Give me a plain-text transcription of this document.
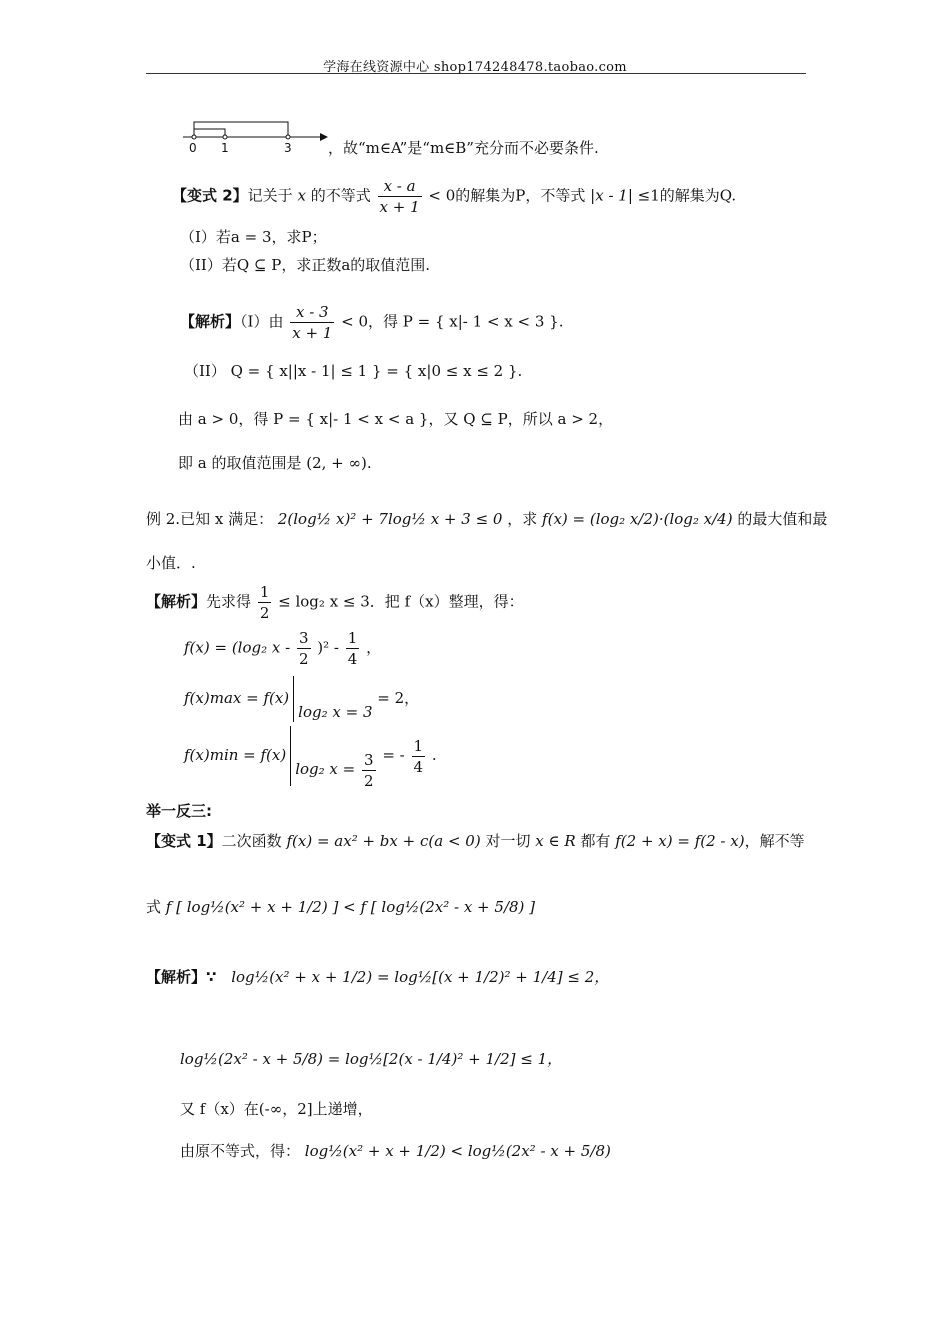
学海在线资源中心 shop174248478.taobao.com
0 1	3 ，故“m∈A”是“m∈B”充分而不必要条件.
【变式 2】记关于 x 的不等式 $\frac{x - a}{x + 1} < 0$的解集为P，不等式 |x - 1| ≤1的解集为Q.
（I）若a = 3，求P；
（II）若Q ⊆ P，求正数a的取值范围.
【解析】（I）由 $\frac{x - 3}{x + 1} < 0$，得 P = { x|- 1 < x < 3 }.
（II） Q = { x||x - 1| ≤ 1 } = { x|0 ≤ x ≤ 2 }.
由 a > 0，得 P = { x|- 1 < x < a }，又 Q ⊆ P，所以 a > 2，
即 a 的取值范围是 (2, + ∞).
例 2.已知 x 满足： 2(log½ x)² + 7log½ x + 3 ≤ 0 ，求 f(x) = (log₂ x/2)·(log₂ x/4) 的最大值和最
小值．.
【解析】先求得 $\frac{1}{2} \le \log_2$ x ≤ 3．把 f（x）整理，得：
f(x) = (log₂ x - $\frac{3}{2} )^2 - \frac{1}{4}$ ，
f(x)max = f(x)log₂ x = 3 = 2，
f(x)min = f(x)log₂ $x = \frac{3}{2}$ = - $\frac{1}{4}$ .
举一反三:
【变式 1】二次函数 f(x) = ax² + bx + c(a < 0) 对一切 x ∈ R 都有 f(2 + x) = f(2 - x)，解不等
式 f [ log½(x² + x + 1/2) ] < f [ log½(2x² - x + 5/8) ]
【解析】∵ log½(x² + x + 1/2) = log½[(x + 1/2)² + 1/4] ≤ 2，
log½(2x² - x + 5/8) = log½[2(x - 1/4)² + 1/2] ≤ 1，
又 f（x）在(-∞，2]上递增，
由原不等式，得： log½(x² + x + 1/2) < log½(2x² - x + 5/8)
